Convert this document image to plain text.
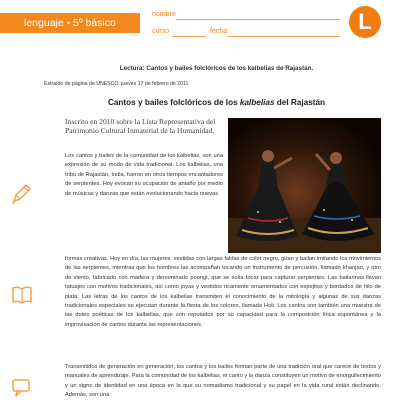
lenguaje • 5º básico
nombre
curso	fecha	L
Lectura: Cantos y bailes folclóricos de los kalbelias de Rajastán.
Extraído de página de UNESCO, jueves 17 de febrero de 2011
Cantos y bailes folclóricos de los kalbelias del Rajastán
Inscrito en 2010 sobre la Lista Representativa del Patrimonio Cultural Inmaterial de la Humanidad.

Los cantos y bailes de la comunidad de los kalbelias, son una expresión de su modo de vida tradicional. Los kalbelias, una tribu de Rajastán, India, fueron en otros tiempos encantadores de serpientes. Hoy evocan su ocupación de antaño por medio de músicas y danzas que están evolucionando hacia nuevas

formas creativas. Hoy en día, las mujeres, vestidas con largas faldas de color negro, giran y bailan imitando los movimientos de las serpientes, mientras que los hombres las acompañan tocando un instrumento de percusión, llamado khanjari, y otro de viento, fabricado con madera y denominado poongi, que se solía tocar para capturar serpientes. Las bailarinas llevan tatuajes con motivos tradicionales, así como joyas y vestidos ricamente ornamentados con espejitos y bordados de hilo de plata. Las letras de los cantos de los kalbelias transmiten el conocimiento de la mitología y algunas de sus danzas tradicionales especiales se ejecutan durante la fiesta de los colores, llamada Holi. Los cantos son también una muestra de las dotes poéticas de los kalbelias, que son reputados por su capacidad para la composición lírica espontánea y la improvisación de cantos durante las representaciones.

Transmitidos de generación en generación, los cantos y los bailes forman parte de una tradición oral que carece de textos y manuales de aprendizaje. Para la comunidad de los kalbelias, el canto y la danza constituyen un motivo de enorgullecimiento y un signo de identidad en una época en la que su nomadismo tradicional y su papel en la vida rural están declinando. Además, son una
